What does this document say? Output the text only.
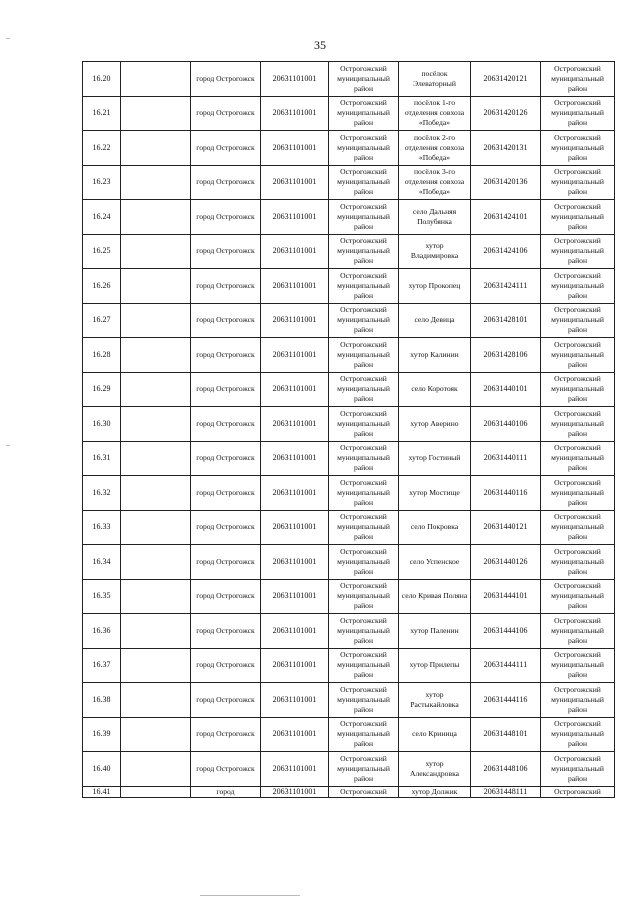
35
16.20		город Острогожск	20631101001	Острогожский муниципальный район	посёлок Элеваторный	20631420121	Острогожский муниципальный район
16.21		город Острогожск	20631101001	Острогожский муниципальный район	посёлок 1-го отделения совхоза «Победа»	20631420126	Острогожский муниципальный район
16.22		город Острогожск	20631101001	Острогожский муниципальный район	посёлок 2-го отделения совхоза «Победа»	20631420131	Острогожский муниципальный район
16.23		город Острогожск	20631101001	Острогожский муниципальный район	посёлок 3-го отделения совхоза «Победа»	20631420136	Острогожский муниципальный район
16.24		город Острогожск	20631101001	Острогожский муниципальный район	село Дальняя Полубянка	20631424101	Острогожский муниципальный район
16.25		город Острогожск	20631101001	Острогожский муниципальный район	хутор Владимировка	20631424106	Острогожский муниципальный район
16.26		город Острогожск	20631101001	Острогожский муниципальный район	хутор Прокопец	20631424111	Острогожский муниципальный район
16.27		город Острогожск	20631101001	Острогожский муниципальный район	село Девица	20631428101	Острогожский муниципальный район
16.28		город Острогожск	20631101001	Острогожский муниципальный район	хутор Калинин	20631428106	Острогожский муниципальный район
16.29		город Острогожск	20631101001	Острогожский муниципальный район	село Коротояк	20631440101	Острогожский муниципальный район
16.30		город Острогожск	20631101001	Острогожский муниципальный район	хутор Аверино	20631440106	Острогожский муниципальный район
16.31		город Острогожск	20631101001	Острогожский муниципальный район	хутор Гостиный	20631440111	Острогожский муниципальный район
16.32		город Острогожск	20631101001	Острогожский муниципальный район	хутор Мостище	20631440116	Острогожский муниципальный район
16.33		город Острогожск	20631101001	Острогожский муниципальный район	село Покровка	20631440121	Острогожский муниципальный район
16.34		город Острогожск	20631101001	Острогожский муниципальный район	село Успенское	20631440126	Острогожский муниципальный район
16.35		город Острогожск	20631101001	Острогожский муниципальный район	село Кривая Поляна	20631444101	Острогожский муниципальный район
16.36		город Острогожск	20631101001	Острогожский муниципальный район	хутор Паленин	20631444106	Острогожский муниципальный район
16.37		город Острогожск	20631101001	Острогожский муниципальный район	хутор Прилепы	20631444111	Острогожский муниципальный район
16.38		город Острогожск	20631101001	Острогожский муниципальный район	хутор Растыкайловка	20631444116	Острогожский муниципальный район
16.39		город Острогожск	20631101001	Острогожский муниципальный район	село Криница	20631448101	Острогожский муниципальный район
16.40		город Острогожск	20631101001	Острогожский муниципальный район	хутор Александровка	20631448106	Острогожский муниципальный район
16.41		город	20631101001	Острогожский	хутор Должик	20631448111	Острогожский
